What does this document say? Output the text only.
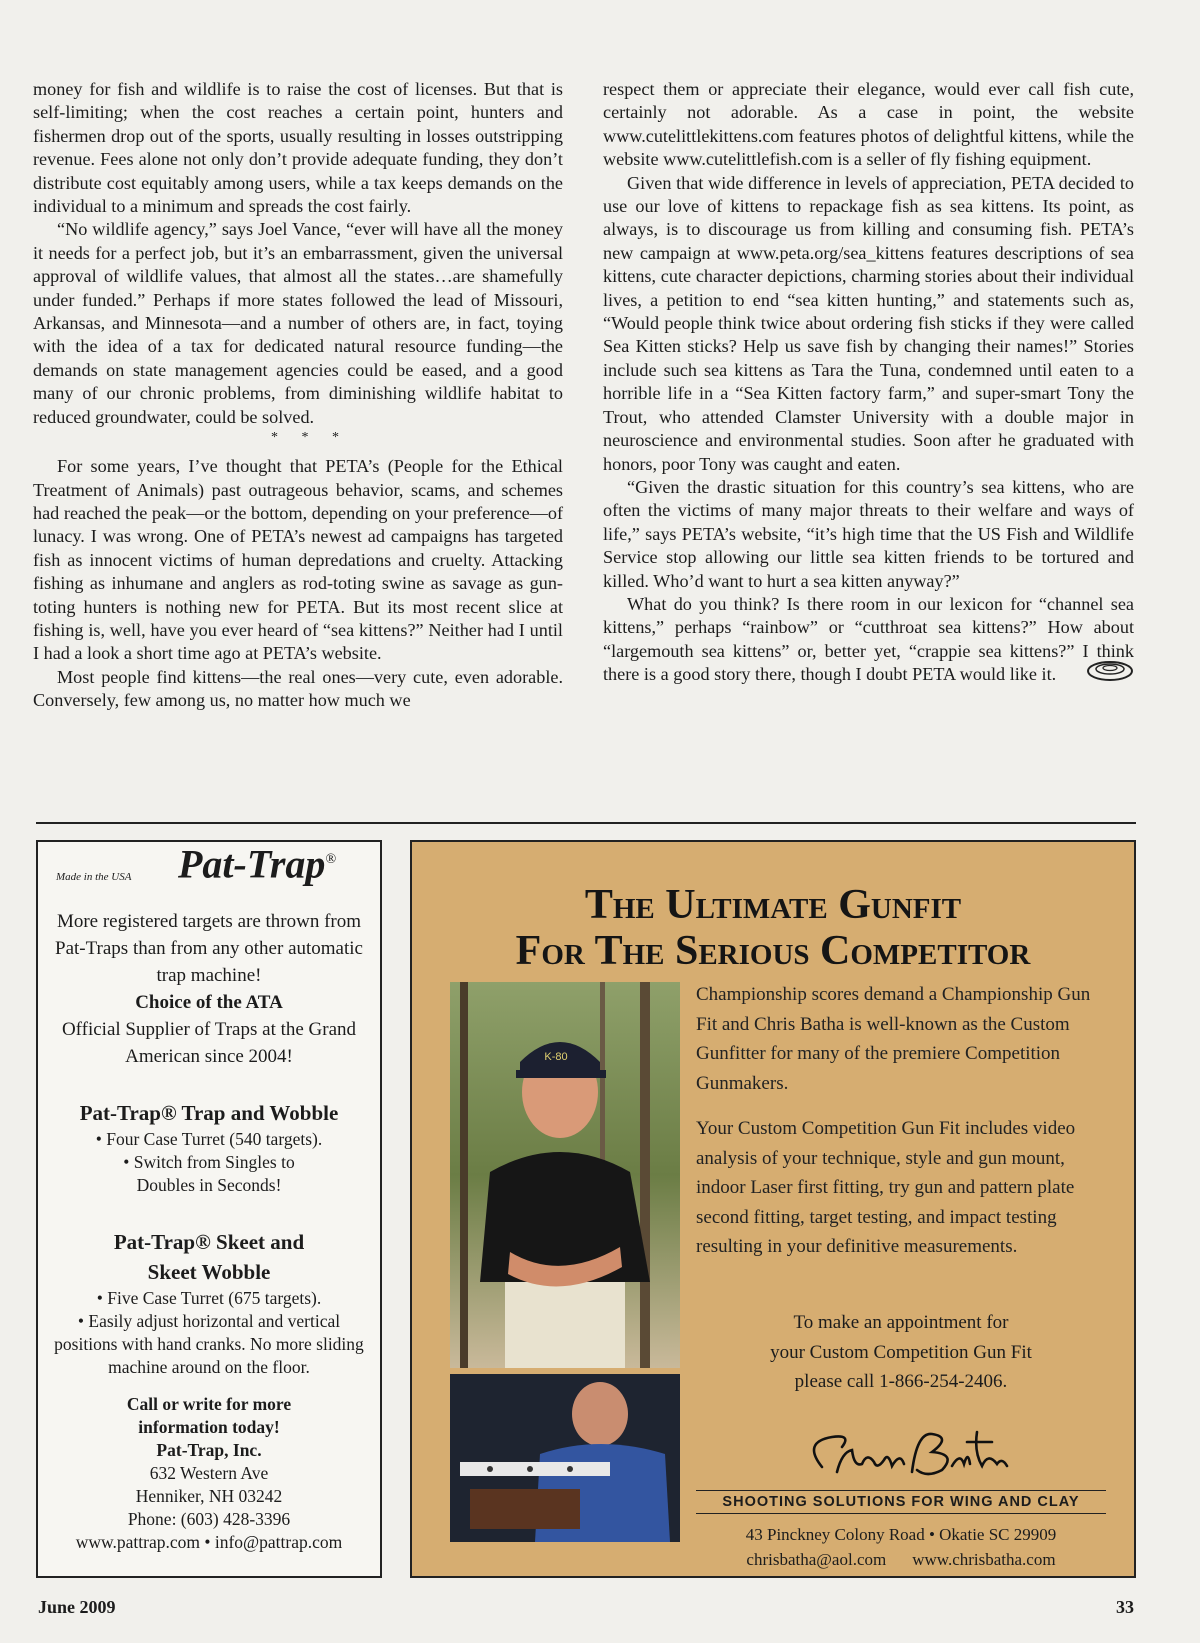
money for fish and wildlife is to raise the cost of licenses. But that is self-limiting; when the cost reaches a certain point, hunters and fishermen drop out of the sports, usually resulting in losses outstripping revenue. Fees alone not only don’t provide adequate funding, they don’t distribute cost equitably among users, while a tax keeps demands on the individual to a minimum and spreads the cost fairly.

“No wildlife agency,” says Joel Vance, “ever will have all the money it needs for a perfect job, but it’s an embarrassment, given the universal approval of wildlife values, that almost all the states…are shamefully under funded.” Perhaps if more states followed the lead of Missouri, Arkansas, and Minnesota—and a number of others are, in fact, toying with the idea of a tax for dedicated natural resource funding—the demands on state management agencies could be eased, and a good many of our chronic problems, from diminishing wildlife habitat to reduced groundwater, could be solved.

* * *

For some years, I’ve thought that PETA’s (People for the Ethical Treatment of Animals) past outrageous behavior, scams, and schemes had reached the peak—or the bottom, depending on your preference—of lunacy. I was wrong. One of PETA’s newest ad campaigns has targeted fish as innocent victims of human depredations and cruelty. Attacking fishing as inhumane and anglers as rod-toting swine as savage as gun-toting hunters is nothing new for PETA. But its most recent slice at fishing is, well, have you ever heard of “sea kittens?” Neither had I until I had a look a short time ago at PETA’s website.

Most people find kittens—the real ones—very cute, even adorable. Conversely, few among us, no matter how much we

respect them or appreciate their elegance, would ever call fish cute, certainly not adorable. As a case in point, the website www.cutelittlekittens.com features photos of delightful kittens, while the website www.cutelittlefish.com is a seller of fly fishing equipment.

Given that wide difference in levels of appreciation, PETA decided to use our love of kittens to repackage fish as sea kittens. Its point, as always, is to discourage us from killing and consuming fish. PETA’s new campaign at www.peta.org/sea_kittens features descriptions of sea kittens, cute character depictions, charming stories about their individual lives, a petition to end “sea kitten hunting,” and statements such as, “Would people think twice about ordering fish sticks if they were called Sea Kitten sticks? Help us save fish by changing their names!” Stories include such sea kittens as Tara the Tuna, condemned until eaten to a horrible life in a “Sea Kitten factory farm,” and super-smart Tony the Trout, who attended Clamster University with a double major in neuroscience and environmental studies. Soon after he graduated with honors, poor Tony was caught and eaten.

“Given the drastic situation for this country’s sea kittens, who are often the victims of many major threats to their welfare and ways of life,” says PETA’s website, “it’s high time that the US Fish and Wildlife Service stop allowing our little sea kitten friends to be tortured and killed. Who’d want to hurt a sea kitten anyway?”

What do you think? Is there room in our lexicon for “channel sea kittens,” perhaps “rainbow” or “cutthroat sea kittens?” How about “largemouth sea kittens” or, better yet, “crappie sea kittens?” I think there is a good story there, though I doubt PETA would like it.

Made in the USA Pat-Trap®

More registered targets are thrown from Pat-Traps than from any other automatic trap machine!

Choice of the ATA

Official Supplier of Traps at the Grand American since 2004!

Pat-Trap® Trap and Wobble

• Four Case Turret (540 targets).

• Switch from Singles to Doubles in Seconds!

Pat-Trap® Skeet and Skeet Wobble

• Five Case Turret (675 targets).

• Easily adjust horizontal and vertical positions with hand cranks. No more sliding machine around on the floor.

Call or write for more information today!

Pat-Trap, Inc.

632 Western Ave

Henniker, NH 03242

Phone: (603) 428-3396

www.pattrap.com • info@pattrap.com

The Ultimate Gunfit
For The Serious Competitor
K-80

Championship scores demand a Championship Gun Fit and Chris Batha is well-known as the Custom Gunfitter for many of the premiere Competition Gunmakers.

Your Custom Competition Gun Fit includes video analysis of your technique, style and gun mount, indoor Laser first fitting, try gun and pattern plate second fitting, target testing, and impact testing resulting in your definitive measurements.

To make an appointment for
your Custom Competition Gun Fit
please call 1-866-254-2406.
SHOOTING SOLUTIONS FOR WING AND CLAY
43 Pinckney Colony Road • Okatie SC 29909
chrisbatha@aol.com www.chrisbatha.com
June 2009	33
